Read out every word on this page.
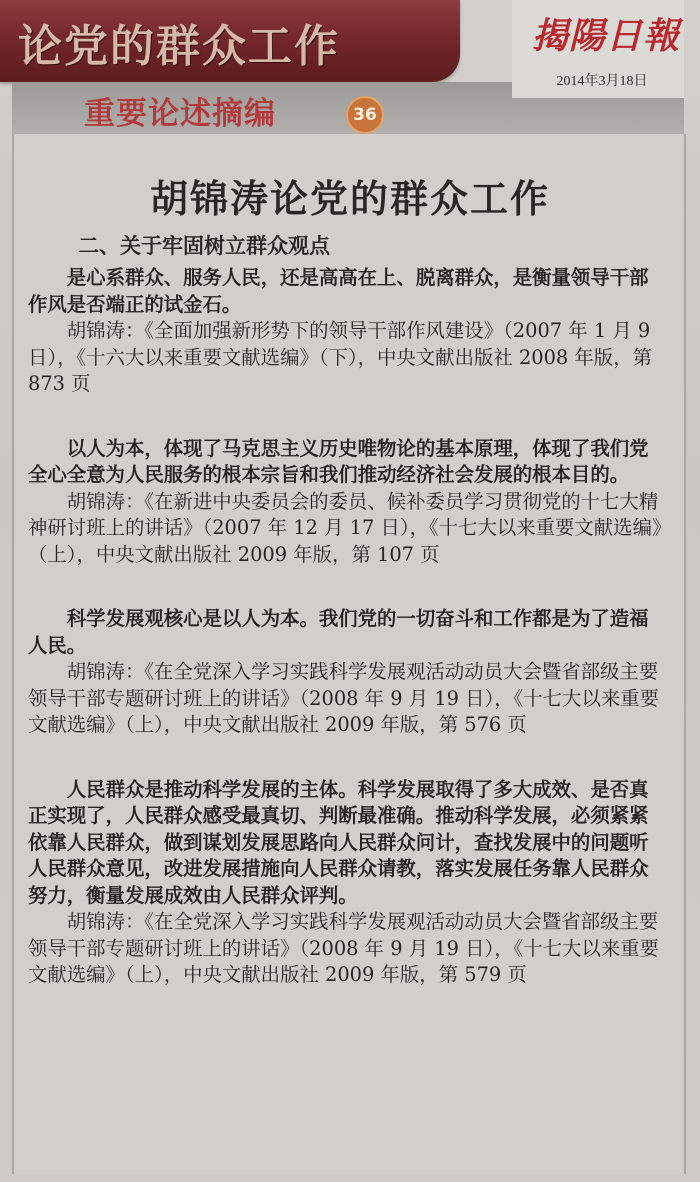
论党的群众工作
重要论述摘编	36
揭陽日報
2014年3月18日
胡锦涛论党的群众工作
二、关于牢固树立群众观点

是心系群众、服务人民，还是高高在上、脱离群众，是衡量领导干部作风是否端正的试金石。

胡锦涛：《全面加强新形势下的领导干部作风建设》（2007 年 1 月 9 日），《十六大以来重要文献选编》（下），中央文献出版社 2008 年版，第 873 页

以人为本，体现了马克思主义历史唯物论的基本原理，体现了我们党全心全意为人民服务的根本宗旨和我们推动经济社会发展的根本目的。

胡锦涛：《在新进中央委员会的委员、候补委员学习贯彻党的十七大精神研讨班上的讲话》（2007 年 12 月 17 日），《十七大以来重要文献选编》（上），中央文献出版社 2009 年版，第 107 页

科学发展观核心是以人为本。我们党的一切奋斗和工作都是为了造福人民。

胡锦涛：《在全党深入学习实践科学发展观活动动员大会暨省部级主要领导干部专题研讨班上的讲话》（2008 年 9 月 19 日），《十七大以来重要文献选编》（上），中央文献出版社 2009 年版，第 576 页

人民群众是推动科学发展的主体。科学发展取得了多大成效、是否真正实现了，人民群众感受最真切、判断最准确。推动科学发展，必须紧紧依靠人民群众，做到谋划发展思路向人民群众问计，查找发展中的问题听人民群众意见，改进发展措施向人民群众请教，落实发展任务靠人民群众努力，衡量发展成效由人民群众评判。

胡锦涛：《在全党深入学习实践科学发展观活动动员大会暨省部级主要领导干部专题研讨班上的讲话》（2008 年 9 月 19 日），《十七大以来重要文献选编》（上），中央文献出版社 2009 年版，第 579 页
